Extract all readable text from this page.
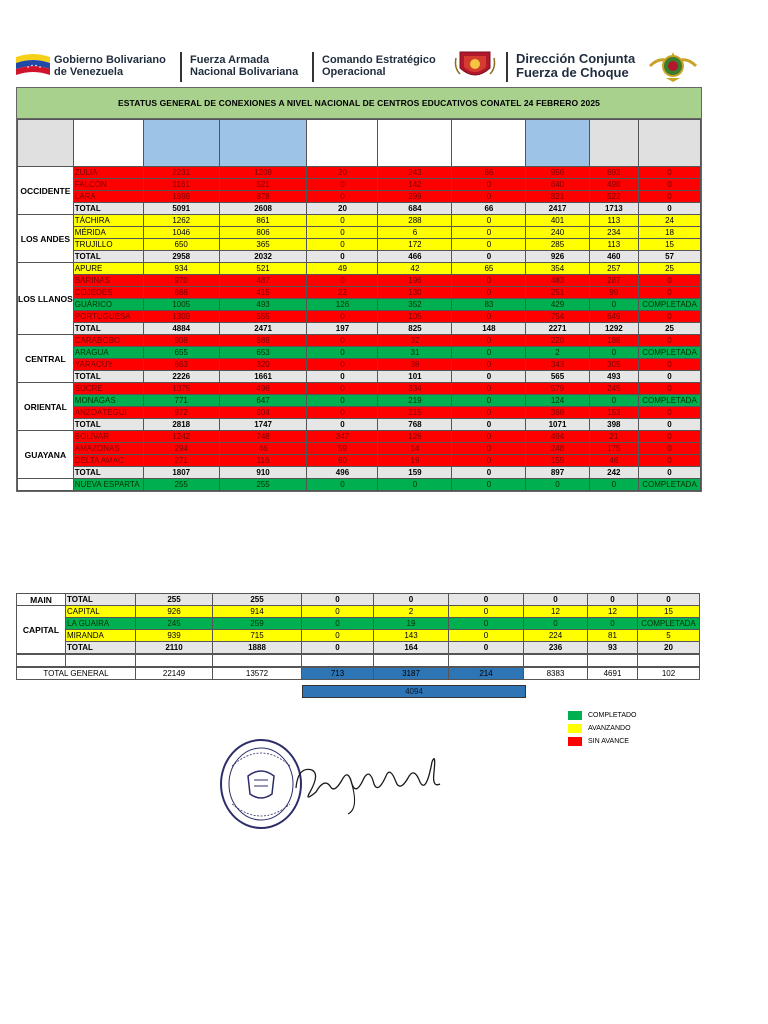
Gobierno Bolivariano
de Venezuela
Fuerza Armada
Nacional Bolivariana
Comando Estratégico
Operacional
Dirección Conjunta
Fuerza de Choque
ESTATUS GENERAL DE CONEXIONES A NIVEL NACIONAL DE CENTROS EDUCATIVOS CONATEL 24 FEBRERO 2025

OCCIDENTE	ZULIA	2231	1209	20	243	66	956	693	0
	FALCÓN	1161	521	0	142	0	640	498	0
	LARA	1699	878	0	299	0	821	522	0
	TOTAL	5091	2608	20	684	66	2417	1713	0
LOS ANDES	TÁCHIRA	1262	861	0	288	0	401	113	24
	MÉRIDA	1046	806	0	6	0	240	234	18
	TRUJILLO	650	365	0	172	0	285	113	15
	TOTAL	2958	2032	0	466	0	926	460	57
LOS LLANOS	APURE	934	521	49	42	65	354	257	25
	BARINAS	970	487	0	196	0	483	287	0
	COJEDES	666	415	22	130	0	251	99	0
	GUÁRICO	1005	493	126	352	83	429	0	COMPLETADA
	PORTUGUESA	1309	555	0	105	0	754	649	0
	TOTAL	4884	2471	197	825	148	2271	1292	25
CENTRAL	CARABOBO	908	688	0	32	0	220	188	0
	ARAGUA	655	653	0	31	0	2	0	COMPLETADA
	YARACUY	663	320	0	38	0	343	305	0
	TOTAL	2226	1661	0	101	0	565	493	0
ORIENTAL	SUCRE	1075	496	0	334	0	579	245	0
	MONAGAS	771	647	0	219	0	124	0	COMPLETADA
	ANZOÁTEGUI	972	604	0	215	0	368	153	0
	TOTAL	2818	1747	0	768	0	1071	398	0
GUAYANA	BOLÍVAR	1242	748	347	126	0	494	21	0
	AMAZONAS	294	46	59	14	0	248	175	0
	DELTA AMAC	271	116	90	19	0	155	46	0
	TOTAL	1807	910	496	159	0	897	242	0
	NUEVA ESPARTA	255	255	0	0	0	0	0	COMPLETADA
MAIN	TOTAL	255	255	0	0	0	0	0	0
CAPITAL	CAPITAL	926	914	0	2	0	12	12	15
	LA GUAIRA	245	259	0	19	0	0	0	COMPLETADA
	MIRANDA	939	715	0	143	0	224	81	5
	TOTAL	2110	1888	0	164	0	236	93	20

TOTAL GENERAL	22149	13572	713	3187	214	8383	4691	102
4094
COMPLETADO
AVANZANDO
SIN AVANCE
